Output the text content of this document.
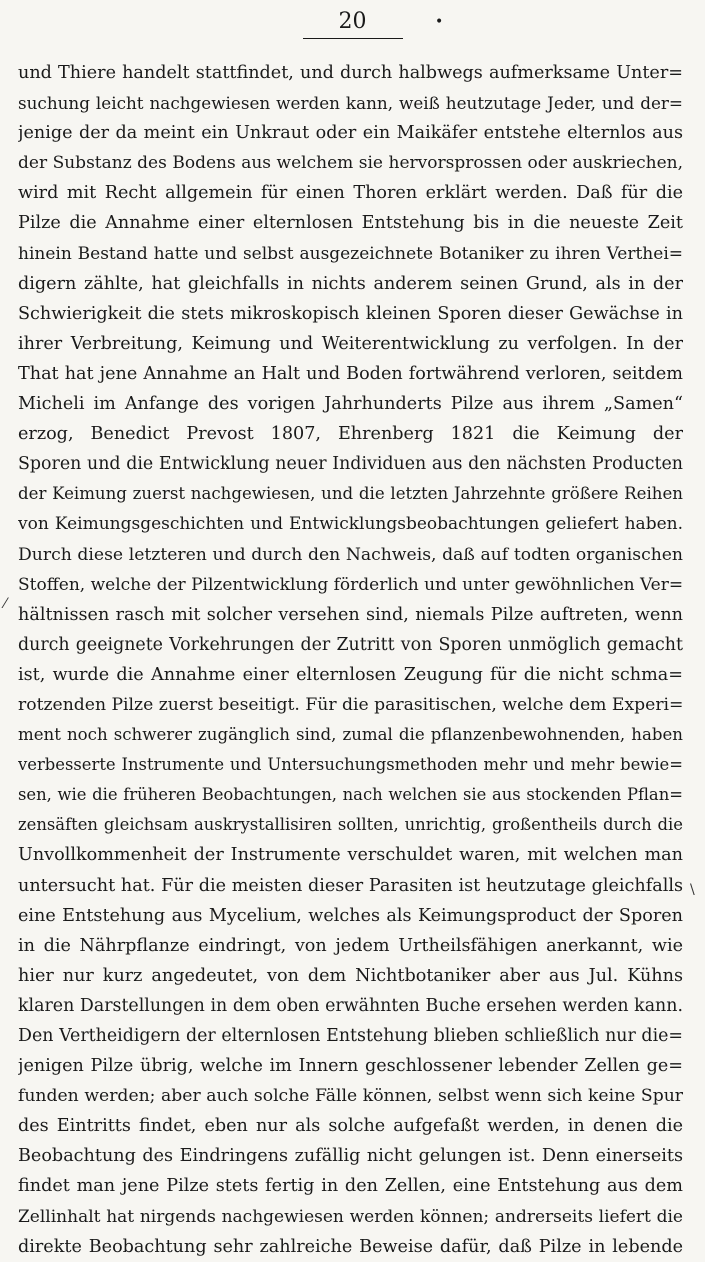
20	•
und Thiere handelt stattfindet, und durch halbwegs aufmerksame Unter=
suchung leicht nachgewiesen werden kann, weiß heutzutage Jeder, und der=
jenige der da meint ein Unkraut oder ein Maikäfer entstehe elternlos aus
der Substanz des Bodens aus welchem sie hervorsprossen oder auskriechen,
wird mit Recht allgemein für einen Thoren erklärt werden. Daß für die
Pilze die Annahme einer elternlosen Entstehung bis in die neueste Zeit
hinein Bestand hatte und selbst ausgezeichnete Botaniker zu ihren Verthei=
digern zählte, hat gleichfalls in nichts anderem seinen Grund, als in der
Schwierigkeit die stets mikroskopisch kleinen Sporen dieser Gewächse in
ihrer Verbreitung, Keimung und Weiterentwicklung zu verfolgen. In der
That hat jene Annahme an Halt und Boden fortwährend verloren, seitdem
Micheli im Anfange des vorigen Jahrhunderts Pilze aus ihrem „Samen“
erzog, Benedict Prevost 1807, Ehrenberg 1821 die Keimung der
Sporen und die Entwicklung neuer Individuen aus den nächsten Producten
der Keimung zuerst nachgewiesen, und die letzten Jahrzehnte größere Reihen
von Keimungsgeschichten und Entwicklungsbeobachtungen geliefert haben.
Durch diese letzteren und durch den Nachweis, daß auf todten organischen
Stoffen, welche der Pilzentwicklung förderlich und unter gewöhnlichen Ver=
hältnissen rasch mit solcher versehen sind, niemals Pilze auftreten, wenn
durch geeignete Vorkehrungen der Zutritt von Sporen unmöglich gemacht
ist, wurde die Annahme einer elternlosen Zeugung für die nicht schma=
rotzenden Pilze zuerst beseitigt. Für die parasitischen, welche dem Experi=
ment noch schwerer zugänglich sind, zumal die pflanzenbewohnenden, haben
verbesserte Instrumente und Untersuchungsmethoden mehr und mehr bewie=
sen, wie die früheren Beobachtungen, nach welchen sie aus stockenden Pflan=
zensäften gleichsam auskrystallisiren sollten, unrichtig, großentheils durch die
Unvollkommenheit der Instrumente verschuldet waren, mit welchen man
untersucht hat. Für die meisten dieser Parasiten ist heutzutage gleichfalls
eine Entstehung aus Mycelium, welches als Keimungsproduct der Sporen
in die Nährpflanze eindringt, von jedem Urtheilsfähigen anerkannt, wie
hier nur kurz angedeutet, von dem Nichtbotaniker aber aus Jul. Kühns
klaren Darstellungen in dem oben erwähnten Buche ersehen werden kann.
Den Vertheidigern der elternlosen Entstehung blieben schließlich nur die=
jenigen Pilze übrig, welche im Innern geschlossener lebender Zellen ge=
funden werden; aber auch solche Fälle können, selbst wenn sich keine Spur
des Eintritts findet, eben nur als solche aufgefaßt werden, in denen die
Beobachtung des Eindringens zufällig nicht gelungen ist. Denn einerseits
findet man jene Pilze stets fertig in den Zellen, eine Entstehung aus dem
Zellinhalt hat nirgends nachgewiesen werden können; andrerseits liefert die
direkte Beobachtung sehr zahlreiche Beweise dafür, daß Pilze in lebende
⁄
\
